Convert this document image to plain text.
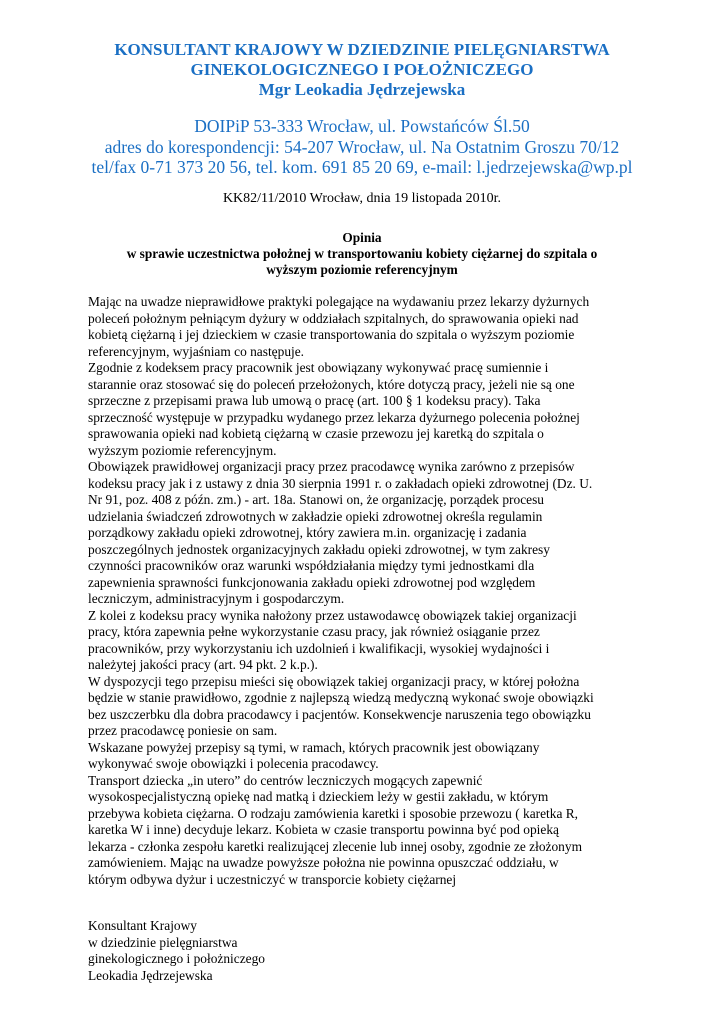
KONSULTANT KRAJOWY W DZIEDZINIE PIELĘGNIARSTWA
GINEKOLOGICZNEGO I POŁOŻNICZEGO
Mgr Leokadia Jędrzejewska
DOIPiP 53-333 Wrocław, ul. Powstańców Śl.50
adres do korespondencji: 54-207 Wrocław, ul. Na Ostatnim Groszu 70/12
tel/fax 0-71 373 20 56, tel. kom. 691 85 20 69, e-mail: l.jedrzejewska@wp.pl
KK82/11/2010 Wrocław, dnia 19 listopada 2010r.
Opinia
w sprawie uczestnictwa położnej w transportowaniu kobiety ciężarnej do szpitala o
wyższym poziomie referencyjnym
Mając na uwadze nieprawidłowe praktyki polegające na wydawaniu przez lekarzy dyżurnych
poleceń położnym pełniącym dyżury w oddziałach szpitalnych, do sprawowania opieki nad
kobietą ciężarną i jej dzieckiem w czasie transportowania do szpitala o wyższym poziomie
referencyjnym, wyjaśniam co następuje.
Zgodnie z kodeksem pracy pracownik jest obowiązany wykonywać pracę sumiennie i
starannie oraz stosować się do poleceń przełożonych, które dotyczą pracy, jeżeli nie są one
sprzeczne z przepisami prawa lub umową o pracę (art. 100 § 1 kodeksu pracy). Taka
sprzeczność występuje w przypadku wydanego przez lekarza dyżurnego polecenia położnej
sprawowania opieki nad kobietą ciężarną w czasie przewozu jej karetką do szpitala o
wyższym poziomie referencyjnym.
Obowiązek prawidłowej organizacji pracy przez pracodawcę wynika zarówno z przepisów
kodeksu pracy jak i z ustawy z dnia 30 sierpnia 1991 r. o zakładach opieki zdrowotnej (Dz. U.
Nr 91, poz. 408 z późn. zm.) - art. 18a. Stanowi on, że organizację, porządek procesu
udzielania świadczeń zdrowotnych w zakładzie opieki zdrowotnej określa regulamin
porządkowy zakładu opieki zdrowotnej, który zawiera m.in. organizację i zadania
poszczególnych jednostek organizacyjnych zakładu opieki zdrowotnej, w tym zakresy
czynności pracowników oraz warunki współdziałania między tymi jednostkami dla
zapewnienia sprawności funkcjonowania zakładu opieki zdrowotnej pod względem
leczniczym, administracyjnym i gospodarczym.
Z kolei z kodeksu pracy wynika nałożony przez ustawodawcę obowiązek takiej organizacji
pracy, która zapewnia pełne wykorzystanie czasu pracy, jak również osiąganie przez
pracowników, przy wykorzystaniu ich uzdolnień i kwalifikacji, wysokiej wydajności i
należytej jakości pracy (art. 94 pkt. 2 k.p.).
W dyspozycji tego przepisu mieści się obowiązek takiej organizacji pracy, w której położna
będzie w stanie prawidłowo, zgodnie z najlepszą wiedzą medyczną wykonać swoje obowiązki
bez uszczerbku dla dobra pracodawcy i pacjentów. Konsekwencje naruszenia tego obowiązku
przez pracodawcę poniesie on sam.
Wskazane powyżej przepisy są tymi, w ramach, których pracownik jest obowiązany
wykonywać swoje obowiązki i polecenia pracodawcy.
Transport dziecka „in utero” do centrów leczniczych mogących zapewnić
wysokospecjalistyczną opiekę nad matką i dzieckiem leży w gestii zakładu, w którym
przebywa kobieta ciężarna. O rodzaju zamówienia karetki i sposobie przewozu ( karetka R,
karetka W i inne) decyduje lekarz. Kobieta w czasie transportu powinna być pod opieką
lekarza - członka zespołu karetki realizującej zlecenie lub innej osoby, zgodnie ze złożonym
zamówieniem. Mając na uwadze powyższe położna nie powinna opuszczać oddziału, w
którym odbywa dyżur i uczestniczyć w transporcie kobiety ciężarnej
Konsultant Krajowy
w dziedzinie pielęgniarstwa
ginekologicznego i położniczego
Leokadia Jędrzejewska
